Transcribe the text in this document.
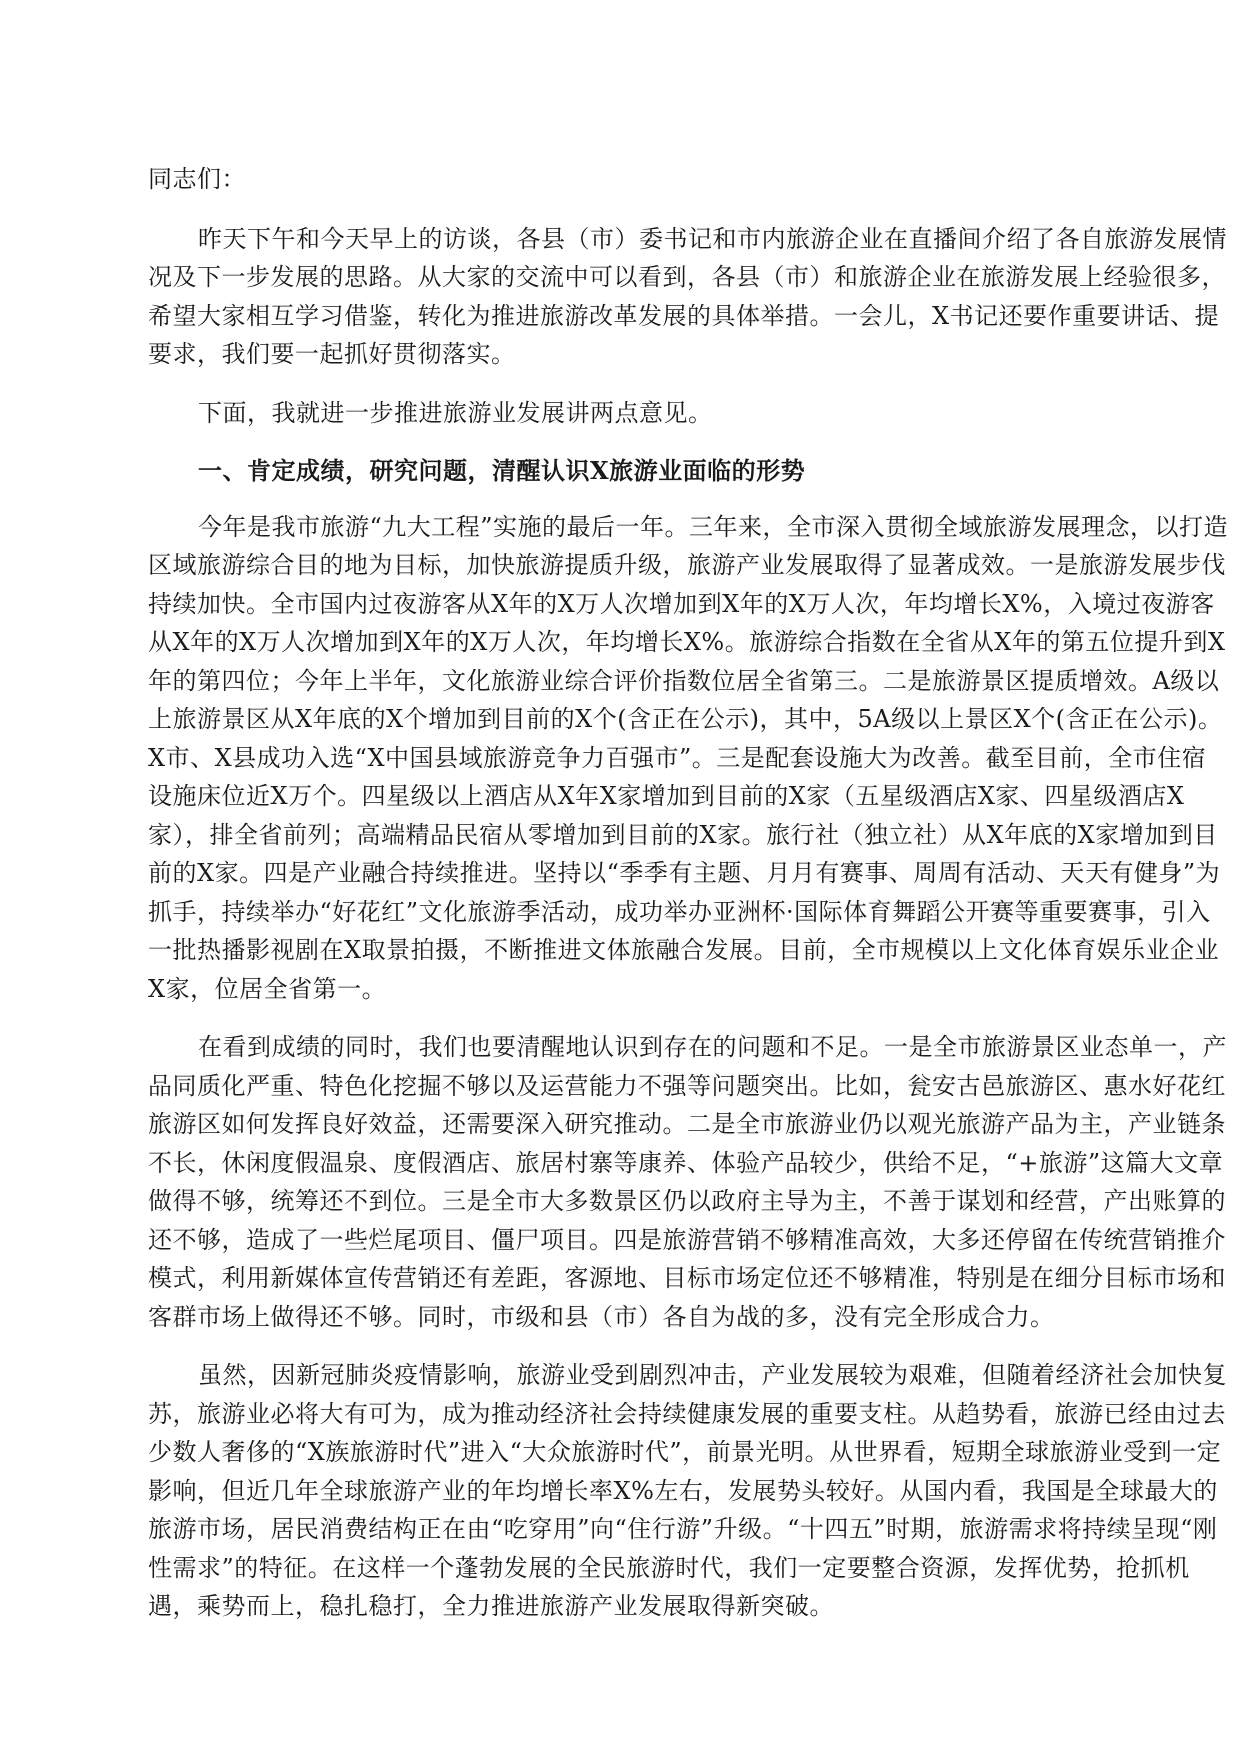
同志们：

昨天下午和今天早上的访谈，各县（市）委书记和市内旅游企业在直播间介绍了各自旅游发展情况及下一步发展的思路。从大家的交流中可以看到，各县（市）和旅游企业在旅游发展上经验很多，希望大家相互学习借鉴，转化为推进旅游改革发展的具体举措。一会儿，X书记还要作重要讲话、提要求，我们要一起抓好贯彻落实。

下面，我就进一步推进旅游业发展讲两点意见。

一、肯定成绩，研究问题，清醒认识X旅游业面临的形势

今年是我市旅游“九大工程”实施的最后一年。三年来，全市深入贯彻全域旅游发展理念，以打造区域旅游综合目的地为目标，加快旅游提质升级，旅游产业发展取得了显著成效。一是旅游发展步伐持续加快。全市国内过夜游客从X年的X万人次增加到X年的X万人次，年均增长X%，入境过夜游客从X年的X万人次增加到X年的X万人次，年均增长X%。旅游综合指数在全省从X年的第五位提升到X年的第四位；今年上半年，文化旅游业综合评价指数位居全省第三。二是旅游景区提质增效。A级以上旅游景区从X年底的X个增加到目前的X个(含正在公示)，其中，5A级以上景区X个(含正在公示)。X市、X县成功入选“X中国县域旅游竞争力百强市”。三是配套设施大为改善。截至目前，全市住宿设施床位近X万个。四星级以上酒店从X年X家增加到目前的X家（五星级酒店X家、四星级酒店X家），排全省前列；高端精品民宿从零增加到目前的X家。旅行社（独立社）从X年底的X家增加到目前的X家。四是产业融合持续推进。坚持以“季季有主题、月月有赛事、周周有活动、天天有健身”为抓手，持续举办“好花红”文化旅游季活动，成功举办亚洲杯·国际体育舞蹈公开赛等重要赛事，引入一批热播影视剧在X取景拍摄，不断推进文体旅融合发展。目前，全市规模以上文化体育娱乐业企业X家，位居全省第一。

在看到成绩的同时，我们也要清醒地认识到存在的问题和不足。一是全市旅游景区业态单一，产品同质化严重、特色化挖掘不够以及运营能力不强等问题突出。比如，瓮安古邑旅游区、惠水好花红旅游区如何发挥良好效益，还需要深入研究推动。二是全市旅游业仍以观光旅游产品为主，产业链条不长，休闲度假温泉、度假酒店、旅居村寨等康养、体验产品较少，供给不足，“+旅游”这篇大文章做得不够，统筹还不到位。三是全市大多数景区仍以政府主导为主，不善于谋划和经营，产出账算的还不够，造成了一些烂尾项目、僵尸项目。四是旅游营销不够精准高效，大多还停留在传统营销推介模式，利用新媒体宣传营销还有差距，客源地、目标市场定位还不够精准，特别是在细分目标市场和客群市场上做得还不够。同时，市级和县（市）各自为战的多，没有完全形成合力。

虽然，因新冠肺炎疫情影响，旅游业受到剧烈冲击，产业发展较为艰难，但随着经济社会加快复苏，旅游业必将大有可为，成为推动经济社会持续健康发展的重要支柱。从趋势看，旅游已经由过去少数人奢侈的“X族旅游时代”进入“大众旅游时代”，前景光明。从世界看，短期全球旅游业受到一定影响，但近几年全球旅游产业的年均增长率X%左右，发展势头较好。从国内看，我国是全球最大的旅游市场，居民消费结构正在由“吃穿用”向“住行游”升级。“十四五”时期，旅游需求将持续呈现“刚性需求”的特征。在这样一个蓬勃发展的全民旅游时代，我们一定要整合资源，发挥优势，抢抓机遇，乘势而上，稳扎稳打，全力推进旅游产业发展取得新突破。
